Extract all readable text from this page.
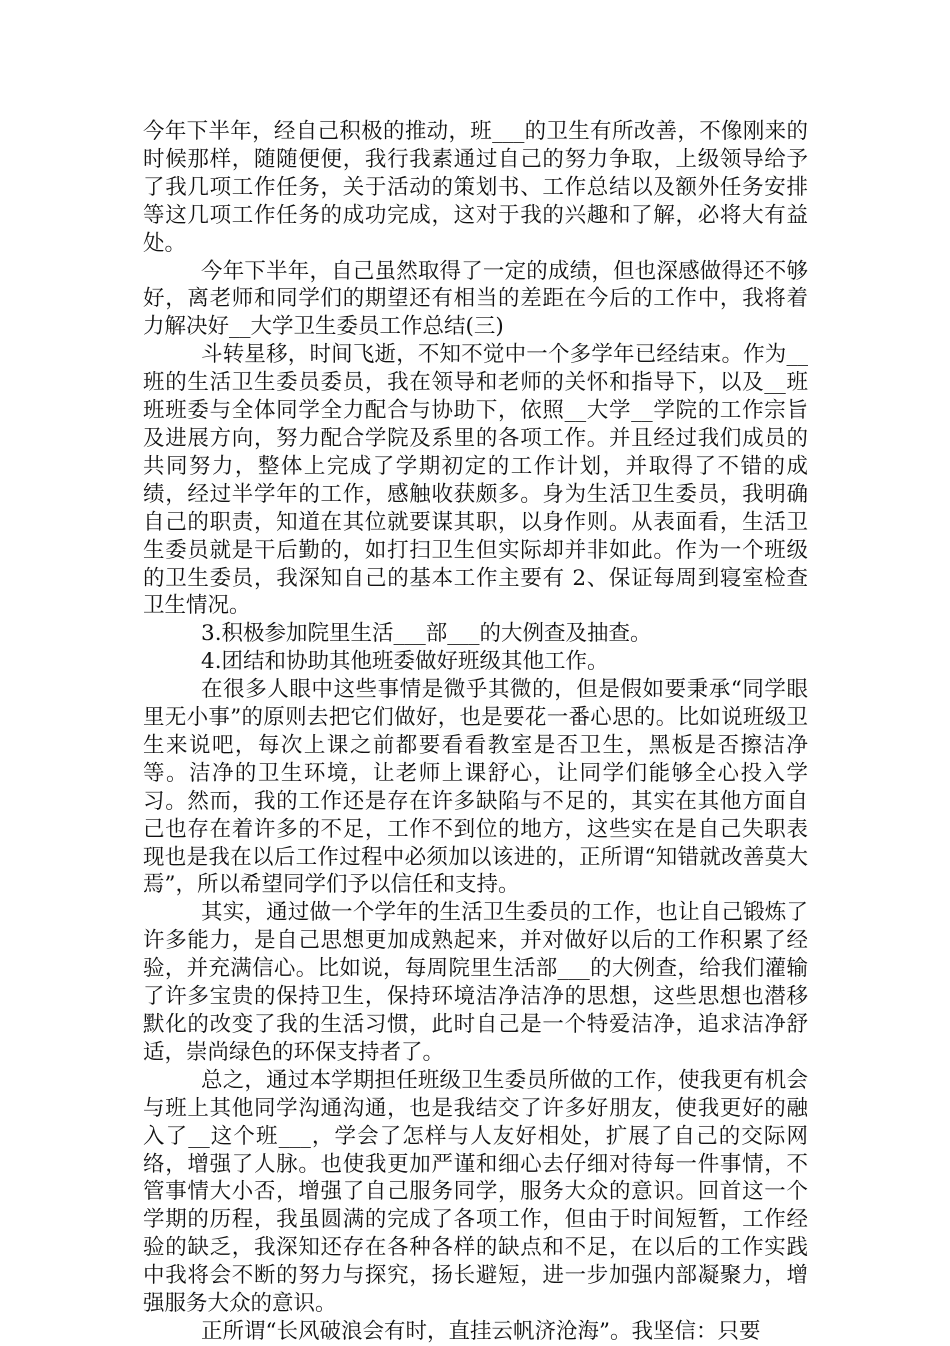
今年下半年，经自己积极的推动，班___的卫生有所改善，不像刚来的时候那样，随随便便，我行我素通过自己的努力争取，上级领导给予了我几项工作任务，关于活动的策划书、工作总结以及额外任务安排等这几项工作任务的成功完成，这对于我的兴趣和了解，必将大有益处。

今年下半年，自己虽然取得了一定的成绩，但也深感做得还不够好，离老师和同学们的期望还有相当的差距在今后的工作中，我将着力解决好__大学卫生委员工作总结(三)

斗转星移，时间飞逝，不知不觉中一个多学年已经结束。作为__班的生活卫生委员委员，我在领导和老师的关怀和指导下，以及__班班班委与全体同学全力配合与协助下，依照__大学__学院的工作宗旨及进展方向，努力配合学院及系里的各项工作。并且经过我们成员的共同努力，整体上完成了学期初定的工作计划，并取得了不错的成绩，经过半学年的工作，感触收获颇多。身为生活卫生委员，我明确自己的职责，知道在其位就要谋其职，以身作则。从表面看，生活卫生委员就是干后勤的，如打扫卫生但实际却并非如此。作为一个班级的卫生委员，我深知自己的基本工作主要有 2、保证每周到寝室检查卫生情况。

3.积极参加院里生活___部___的大例查及抽查。

4.团结和协助其他班委做好班级其他工作。

在很多人眼中这些事情是微乎其微的，但是假如要秉承“同学眼里无小事”的原则去把它们做好，也是要花一番心思的。比如说班级卫生来说吧，每次上课之前都要看看教室是否卫生，黑板是否擦洁净等。洁净的卫生环境，让老师上课舒心，让同学们能够全心投入学习。然而，我的工作还是存在许多缺陷与不足的，其实在其他方面自己也存在着许多的不足，工作不到位的地方，这些实在是自己失职表现也是我在以后工作过程中必须加以该进的，正所谓“知错就改善莫大焉”，所以希望同学们予以信任和支持。

其实，通过做一个学年的生活卫生委员的工作，也让自己锻炼了许多能力，是自己思想更加成熟起来，并对做好以后的工作积累了经验，并充满信心。比如说，每周院里生活部___的大例查，给我们灌输了许多宝贵的保持卫生，保持环境洁净洁净的思想，这些思想也潜移默化的改变了我的生活习惯，此时自己是一个特爱洁净，追求洁净舒适，崇尚绿色的环保支持者了。

总之，通过本学期担任班级卫生委员所做的工作，使我更有机会与班上其他同学沟通沟通，也是我结交了许多好朋友，使我更好的融入了__这个班___，学会了怎样与人友好相处，扩展了自己的交际网络，增强了人脉。也使我更加严谨和细心去仔细对待每一件事情，不管事情大小否，增强了自己服务同学，服务大众的意识。回首这一个学期的历程，我虽圆满的完成了各项工作，但由于时间短暂，工作经验的缺乏，我深知还存在各种各样的缺点和不足，在以后的工作实践中我将会不断的努力与探究，扬长避短，进一步加强内部凝聚力，增强服务大众的意识。

正所谓“长风破浪会有时，直挂云帆济沧海”。我坚信：只要
